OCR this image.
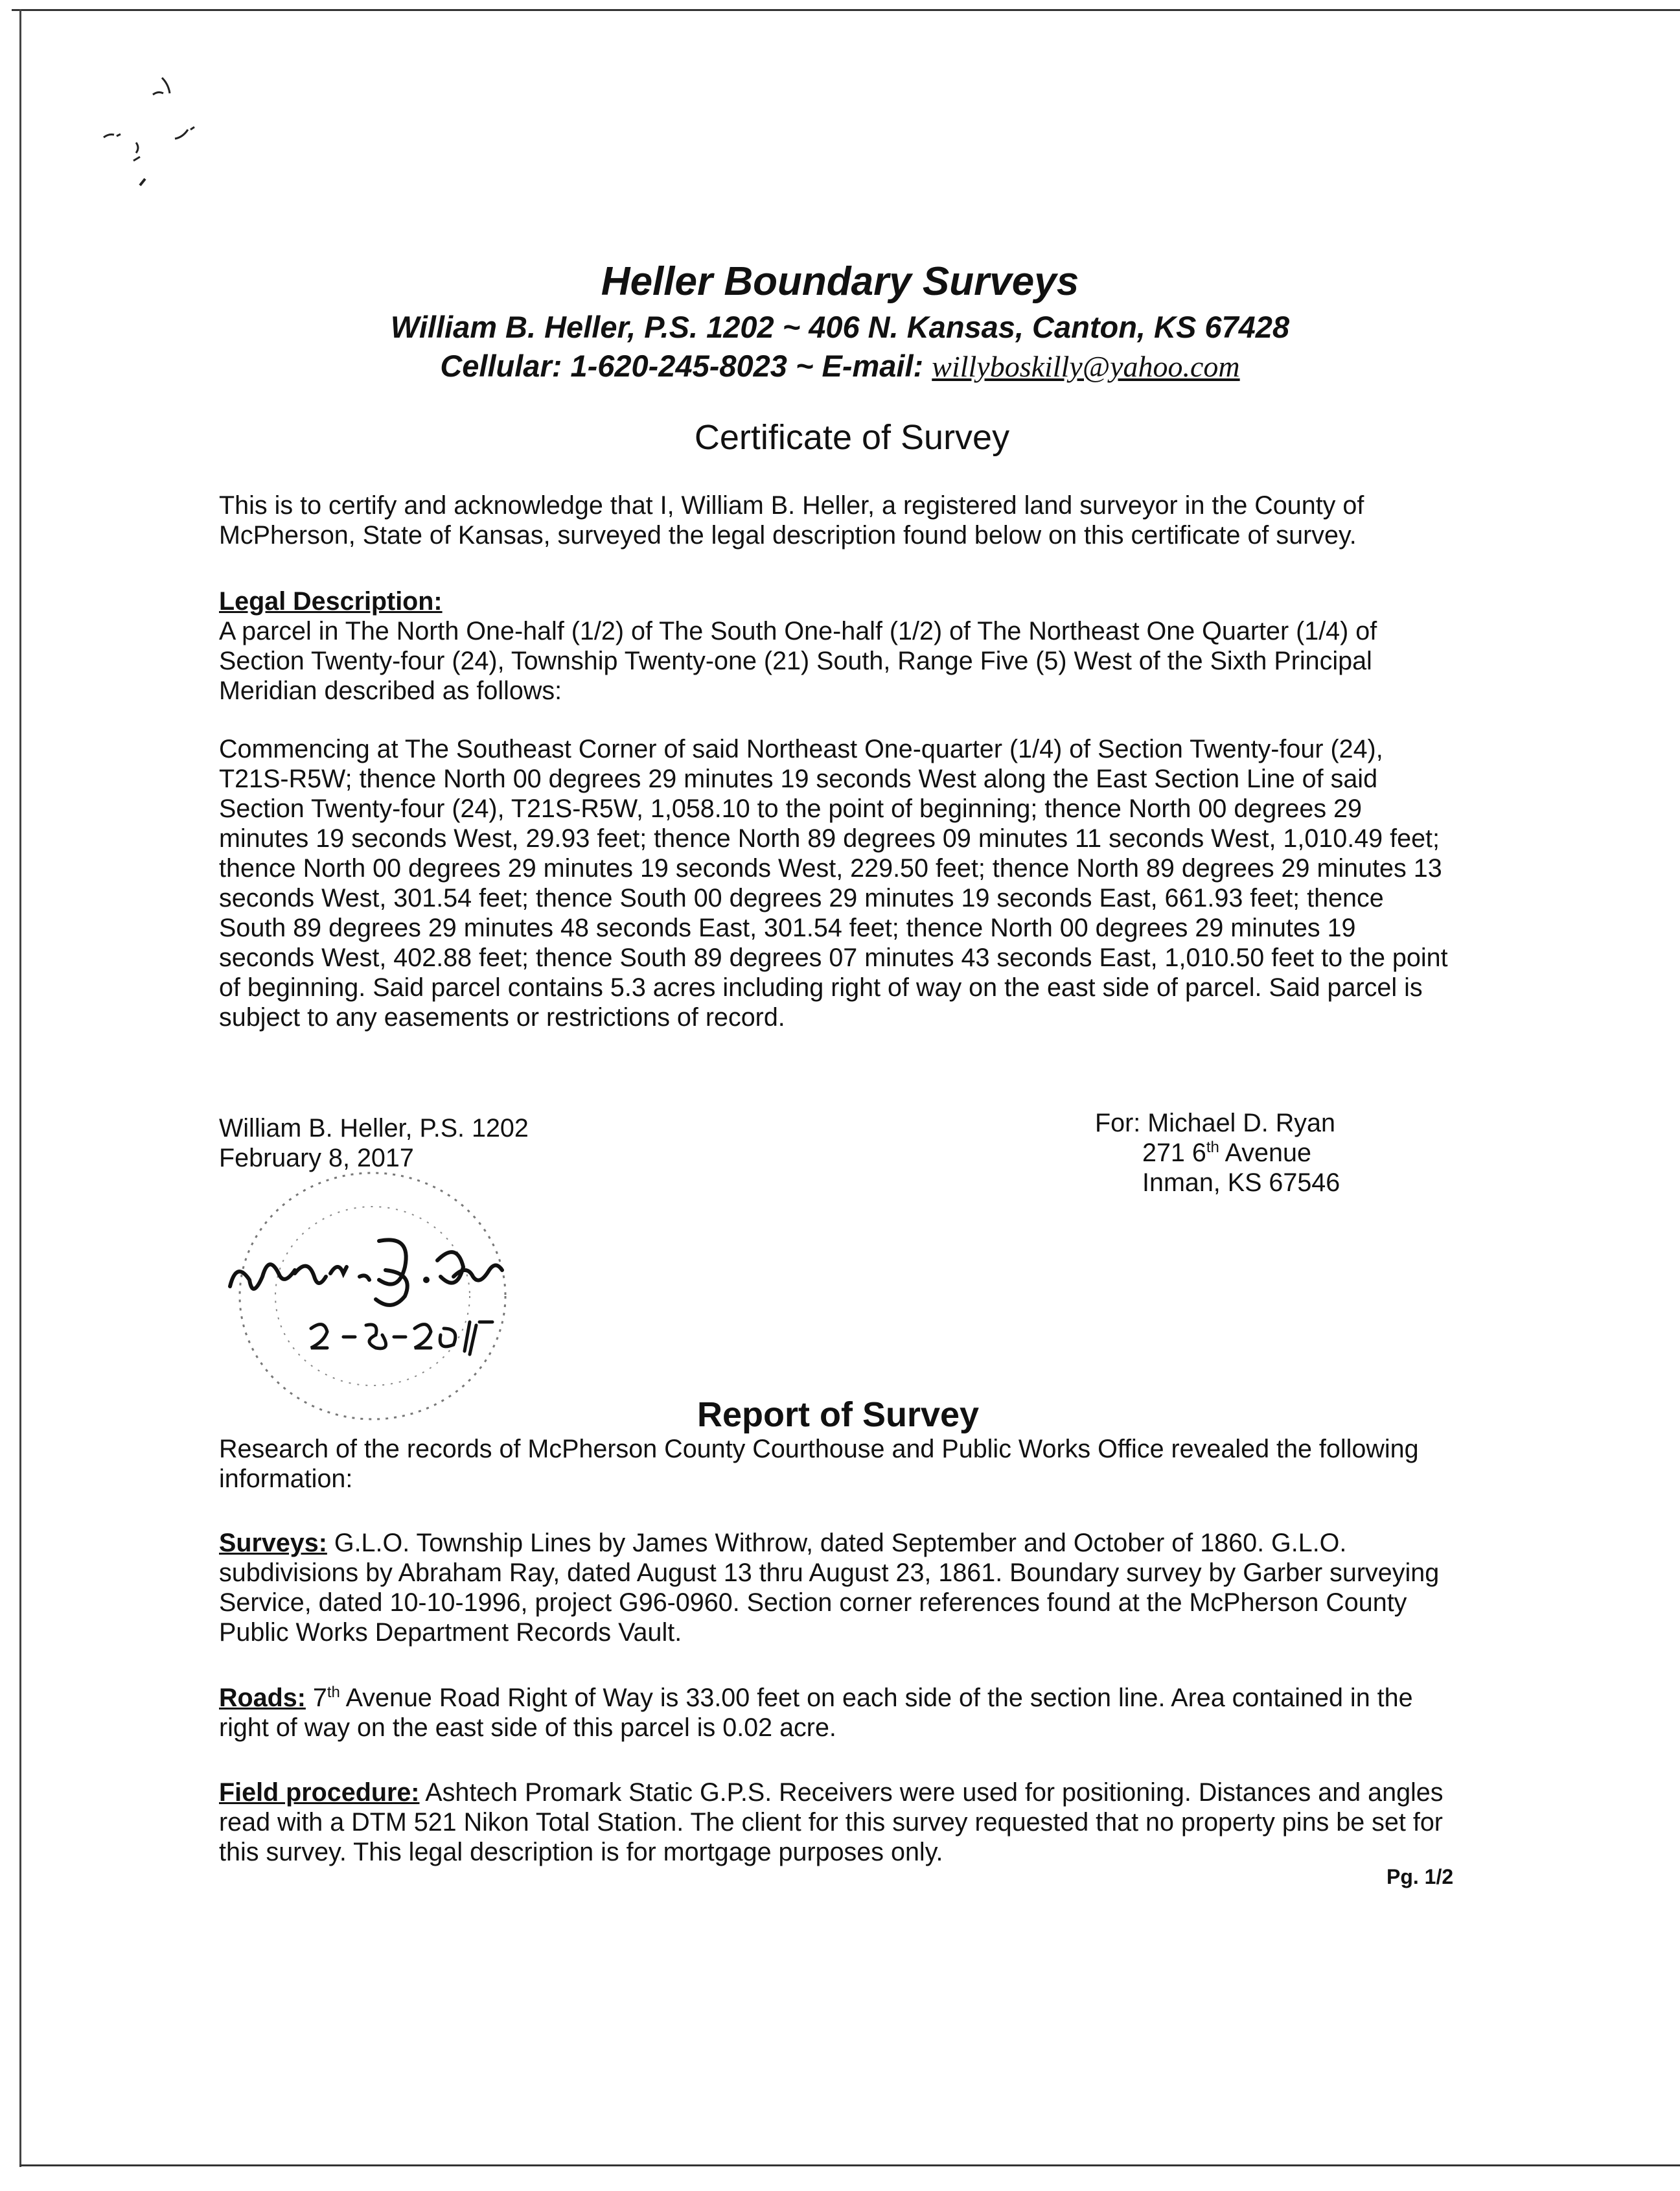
Heller Boundary Surveys
William B. Heller, P.S. 1202 ~ 406 N. Kansas, Canton, KS 67428
Cellular: 1-620-245-8023 ~ E-mail: willyboskilly@yahoo.com
Certificate of Survey
This is to certify and acknowledge that I, William B. Heller, a registered land surveyor in the County of McPherson, State of Kansas, surveyed the legal description found below on this certificate of survey.
Legal Description:
A parcel in The North One-half (1/2) of The South One-half (1/2) of The Northeast One Quarter (1/4) of Section Twenty-four (24), Township Twenty-one (21) South, Range Five (5) West of the Sixth Principal Meridian described as follows:
Commencing at The Southeast Corner of said Northeast One-quarter (1/4) of Section Twenty-four (24), T21S-R5W; thence North 00 degrees 29 minutes 19 seconds West along the East Section Line of said Section Twenty-four (24), T21S-R5W, 1,058.10 to the point of beginning; thence North 00 degrees 29 minutes 19 seconds West, 29.93 feet; thence North 89 degrees 09 minutes 11 seconds West, 1,010.49 feet; thence North 00 degrees 29 minutes 19 seconds West, 229.50 feet; thence North 89 degrees 29 minutes 13 seconds West, 301.54 feet; thence South 00 degrees 29 minutes 19 seconds East, 661.93 feet; thence South 89 degrees 29 minutes 48 seconds East, 301.54 feet; thence North 00 degrees 29 minutes 19 seconds West, 402.88 feet; thence South 89 degrees 07 minutes 43 seconds East, 1,010.50 feet to the point of beginning. Said parcel contains 5.3 acres including right of way on the east side of parcel. Said parcel is subject to any easements or restrictions of record.
William B. Heller, P.S. 1202
February 8, 2017
For: Michael D. Ryan
271 6th Avenue
Inman, KS 67546
Report of Survey
Research of the records of McPherson County Courthouse and Public Works Office revealed the following information:
Surveys: G.L.O. Township Lines by James Withrow, dated September and October of 1860. G.L.O. subdivisions by Abraham Ray, dated August 13 thru August 23, 1861. Boundary survey by Garber surveying Service, dated 10-10-1996, project G96-0960. Section corner references found at the McPherson County Public Works Department Records Vault.
Roads: 7th Avenue Road Right of Way is 33.00 feet on each side of the section line. Area contained in the right of way on the east side of this parcel is 0.02 acre.
Field procedure: Ashtech Promark Static G.P.S. Receivers were used for positioning. Distances and angles read with a DTM 521 Nikon Total Station. The client for this survey requested that no property pins be set for this survey. This legal description is for mortgage purposes only.
Pg. 1/2
